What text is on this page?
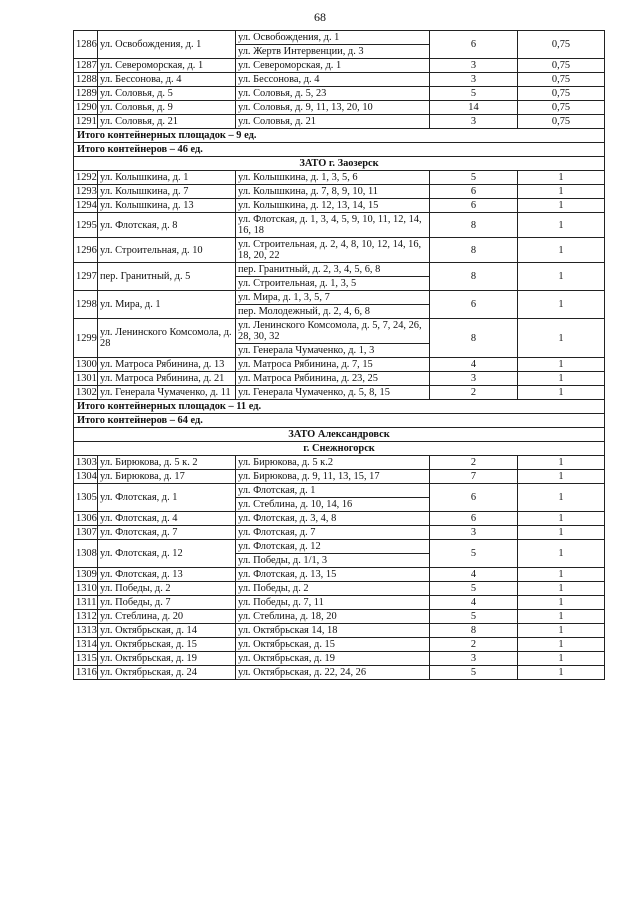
68
1286	ул. Освобождения, д. 1	ул. Освобождения, д. 1	6	0,75
		ул. Жертв Интервенции, д. 3		
1287	ул. Североморская, д. 1	ул. Североморская, д. 1	3	0,75
1288	ул. Бессонова, д. 4	ул. Бессонова, д. 4	3	0,75
1289	ул. Соловья, д. 5	ул. Соловья, д. 5, 23	5	0,75
1290	ул. Соловья, д. 9	ул. Соловья, д. 9, 11, 13, 20, 10	14	0,75
1291	ул. Соловья, д. 21	ул. Соловья, д. 21	3	0,75
Итого контейнерных площадок – 9 ед.				
Итого контейнеров – 46 ед.				
ЗАТО г. Заозерск				
1292	ул. Колышкина, д. 1	ул. Колышкина, д. 1, 3, 5, 6	5	1
1293	ул. Колышкина, д. 7	ул. Колышкина, д. 7, 8, 9, 10, 11	6	1
1294	ул. Колышкина, д. 13	ул. Колышкина, д. 12, 13, 14, 15	6	1
1295	ул. Флотская, д. 8	ул. Флотская, д. 1, 3, 4, 5, 9, 10, 11, 12, 14, 16, 18	8	1
1296	ул. Строительная, д. 10	ул. Строительная, д. 2, 4, 8, 10, 12, 14, 16, 18, 20, 22	8	1
1297	пер. Гранитный, д. 5	пер. Гранитный, д. 2, 3, 4, 5, 6, 8	8	1
		ул. Строительная, д. 1, 3, 5		
1298	ул. Мира, д. 1	ул. Мира, д. 1, 3, 5, 7	6	1
		пер. Молодежный, д. 2, 4, 6, 8		
1299	ул. Ленинского Комсомола, д. 28	ул. Ленинского Комсомола, д. 5, 7, 24, 26, 28, 30, 32	8	1
		ул. Генерала Чумаченко, д. 1, 3		
1300	ул. Матроса Рябинина, д. 13	ул. Матроса Рябинина, д. 7, 15	4	1
1301	ул. Матроса Рябинина, д. 21	ул. Матроса Рябинина, д. 23, 25	3	1
1302	ул. Генерала Чумаченко, д. 11	ул. Генерала Чумаченко, д. 5, 8, 15	2	1
Итого контейнерных площадок – 11 ед.				
Итого контейнеров – 64 ед.				
ЗАТО Александровск				
г. Снежногорск				
1303	ул. Бирюкова, д. 5 к. 2	ул. Бирюкова, д. 5 к.2	2	1
1304	ул. Бирюкова, д. 17	ул. Бирюкова, д. 9, 11, 13, 15, 17	7	1
1305	ул. Флотская, д. 1	ул. Флотская, д. 1	6	1
		ул. Стеблина, д. 10, 14, 16		
1306	ул. Флотская, д. 4	ул. Флотская, д. 3, 4, 8	6	1
1307	ул. Флотская, д. 7	ул. Флотская, д. 7	3	1
1308	ул. Флотская, д. 12	ул. Флотская, д. 12	5	1
		ул. Победы, д. 1/1, 3		
1309	ул. Флотская, д. 13	ул. Флотская, д. 13, 15	4	1
1310	ул. Победы, д. 2	ул. Победы, д. 2	5	1
1311	ул. Победы, д. 7	ул. Победы, д. 7, 11	4	1
1312	ул. Стеблина, д. 20	ул. Стеблина, д. 18, 20	5	1
1313	ул. Октябрьская, д. 14	ул. Октябрьская 14, 18	8	1
1314	ул. Октябрьская, д. 15	ул. Октябрьская, д. 15	2	1
1315	ул. Октябрьская, д. 19	ул. Октябрьская, д. 19	3	1
1316	ул. Октябрьская, д. 24	ул. Октябрьская, д. 22, 24, 26	5	1
